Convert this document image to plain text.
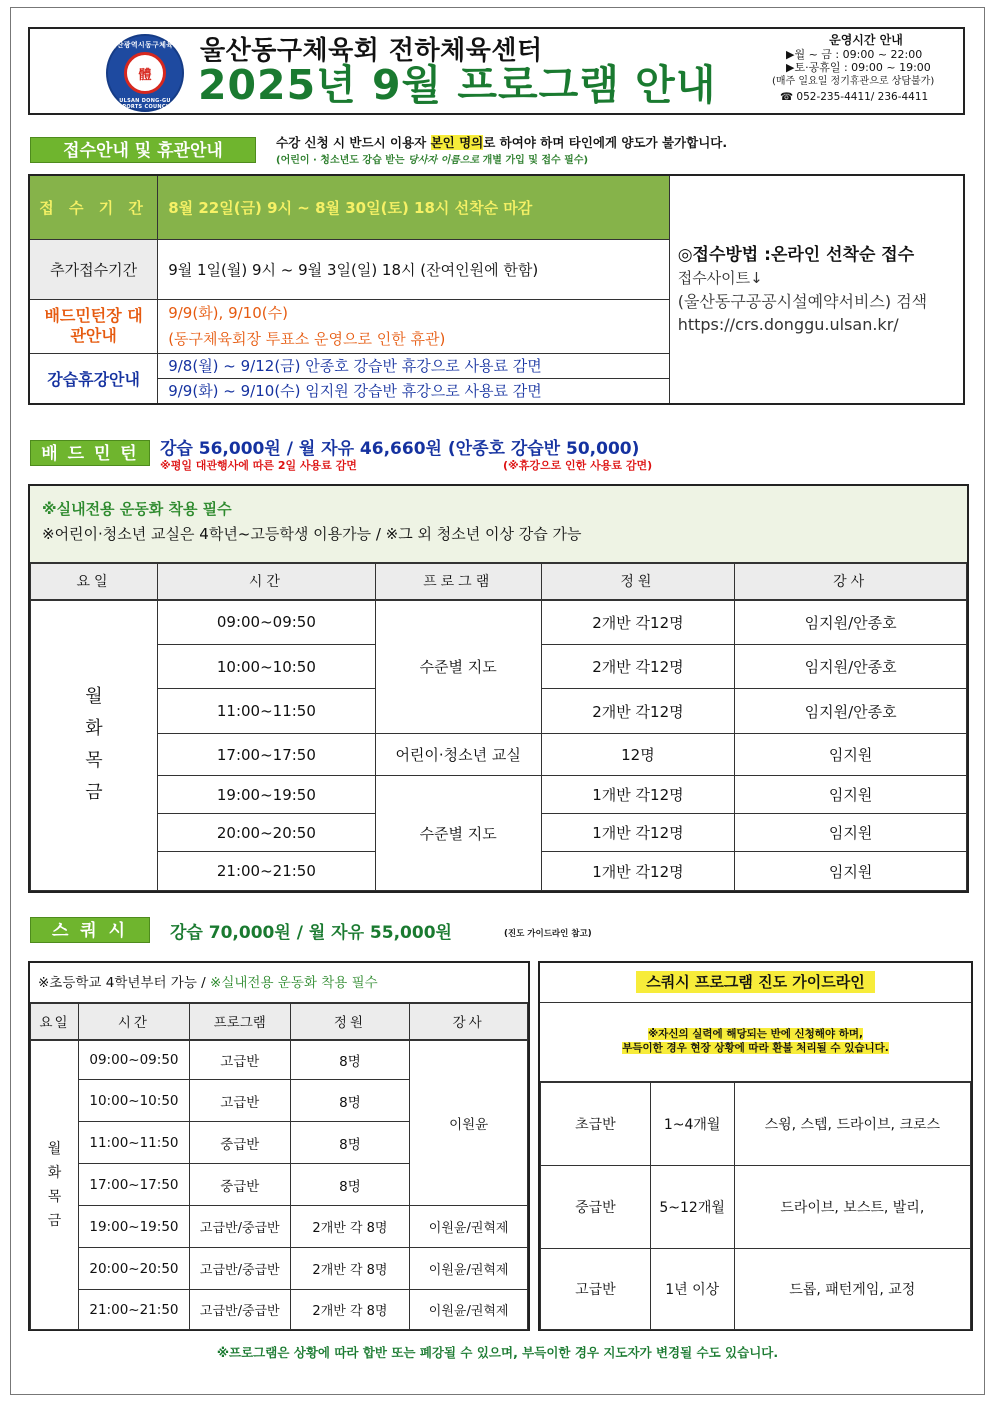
울산광역시동구체육회
體
ULSAN DONG-GU SPORTS COUNCIL
울산동구체육회 전하체육센터
2025년 9월 프로그램 안내
운영시간 안내
▶월 ~ 금 : 09:00 ~ 22:00
▶토·공휴일 : 09:00 ~ 19:00
(매주 일요일 정기휴관으로 상담불가)
☎ 052-235-4411/ 236-4411
접수안내 및 휴관안내	수강 신청 시 반드시 이용자 본인 명의로 하여야 하며 타인에게 양도가 불가합니다.
(어린이 · 청소년도 강습 받는 당사자 이름으로 개별 가입 및 접수 필수)
접 수 기 간	8월 22일(금) 9시 ~ 8월 30일(토) 18시 선착순 마감	◎접수방법 :온라인 선착순 접수
접수사이트↓
(울산동구공공시설예약서비스) 검색
https://crs.donggu.ulsan.kr/

추가접수기간	9월 1일(월) 9시 ~ 9월 3일(일) 18시 (잔여인원에 한함)	
배드민턴장 대관안내	9/9(화), 9/10(수)
(동구체육회장 투표소 운영으로 인한 휴관)	

강습휴강안내	9/8(월) ~ 9/12(금) 안종호 강습반 휴강으로 사용료 감면	
	9/9(화) ~ 9/10(수) 임지원 강습반 휴강으로 사용료 감면	
배 드 민 턴	강습 56,000원 / 월 자유 46,660원 (안종호 강습반 50,000)
※평일 대관행사에 따른 2일 사용료 감면	(※휴강으로 인한 사용료 감면)
※실내전용 운동화 착용 필수
※어린이·청소년 교실은 4학년~고등학생 이용가능 / ※그 외 청소년 이상 강습 가능
요일	시간	프로그램	정원	강사
월 화 목 금	09:00~09:50	수준별 지도	2개반 각12명	임지원/안종호
	10:00~10:50		2개반 각12명	임지원/안종호
	11:00~11:50		2개반 각12명	임지원/안종호
	17:00~17:50	어린이·청소년 교실	12명	임지원
	19:00~19:50	수준별 지도	1개반 각12명	임지원
	20:00~20:50		1개반 각12명	임지원
	21:00~21:50		1개반 각12명	임지원
스 쿼 시	강습 70,000원 / 월 자유 55,000원	(진도 가이드라인 참고)
※초등학교 4학년부터 가능 / ※실내전용 운동화 착용 필수
요일	시간	프로그램	정원	강사
월 화 목 금	09:00~09:50	고급반	8명	이원윤
	10:00~10:50	고급반	8명	
	11:00~11:50	중급반	8명	
	17:00~17:50	중급반	8명	
	19:00~19:50	고급반/중급반	2개반 각 8명	이원윤/권혁제
	20:00~20:50	고급반/중급반	2개반 각 8명	이원윤/권혁제
	21:00~21:50	고급반/중급반	2개반 각 8명	이원윤/권혁제
스쿼시 프로그램 진도 가이드라인
※자신의 실력에 해당되는 반에 신청해야 하며,
부득이한 경우 현장 상황에 따라 환불 처리될 수 있습니다.
초급반	1~4개월	스윙, 스텝, 드라이브, 크로스
중급반	5~12개월	드라이브, 보스트, 발리,
고급반	1년 이상	드롭, 패턴게임, 교정
※프로그램은 상황에 따라 합반 또는 폐강될 수 있으며, 부득이한 경우 지도자가 변경될 수도 있습니다.
